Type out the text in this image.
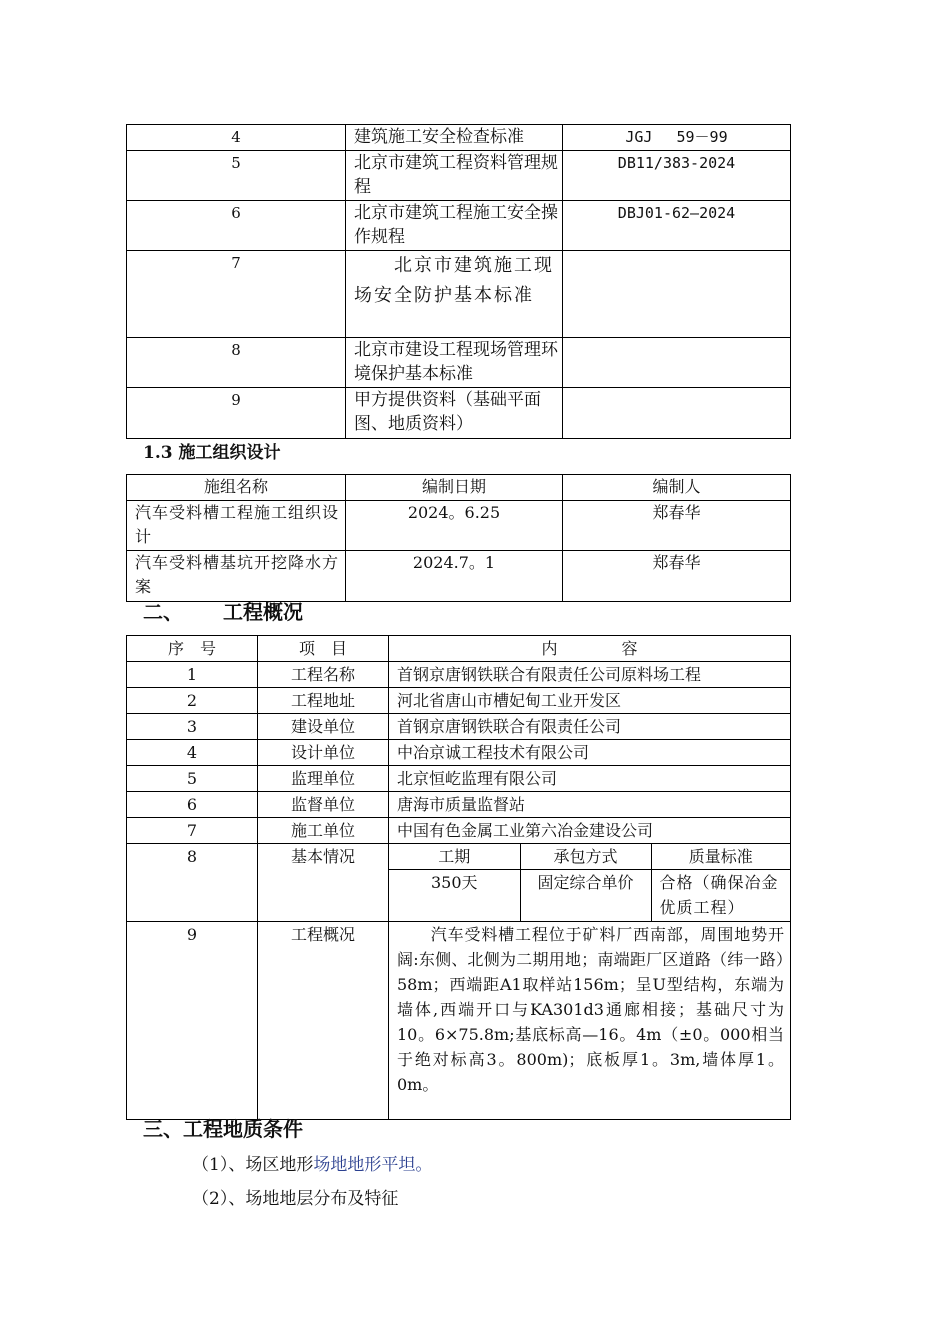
4	建筑施工安全检查标准	JGJ　 59－99
5	北京市建筑工程资料管理规程	DB11/383-2024
6	北京市建筑工程施工安全操作规程	DBJ01-62—2024
7	　　北京市建筑施工现场安全防护基本标准	
8	北京市建设工程现场管理环境保护基本标准	
9	甲方提供资料（基础平面图、地质资料）	
1.3 施工组织设计
施组名称	编制日期	编制人
汽车受料槽工程施工组织设计	2024。6.25	郑春华
汽车受料槽基坑开挖降水方案	2024.7。1	郑春华
二、 工程概况
序　号	项　目	内　　　　容
1	工程名称	首钢京唐钢铁联合有限责任公司原料场工程
2	工程地址	河北省唐山市槽妃甸工业开发区
3	建设单位	首钢京唐钢铁联合有限责任公司
4	设计单位	中冶京诚工程技术有限公司
5	监理单位	北京恒屹监理有限公司
6	监督单位	唐海市质量监督站
7	施工单位	中国有色金属工业第六冶金建设公司
8	基本情况		工期	承包方式	质量标准
350天	固定综合单价	合格（确保冶金优质工程）

9	工程概况	　　汽车受料槽工程位于矿料厂西南部，周围地势开阔:东侧、北侧为二期用地；南端距厂区道路（纬一路）58m；西端距A1取样站156m；呈U型结构，东端为墙体,西端开口与KA301d3通廊相接；基础尺寸为10。6×75.8m;基底标高—16。4m（±0。000相当于绝对标高3。800m)；底板厚1。3m,墙体厚1。0m。
三、工程地质条件
（1）、场区地形场地地形平坦。
（2）、场地地层分布及特征
